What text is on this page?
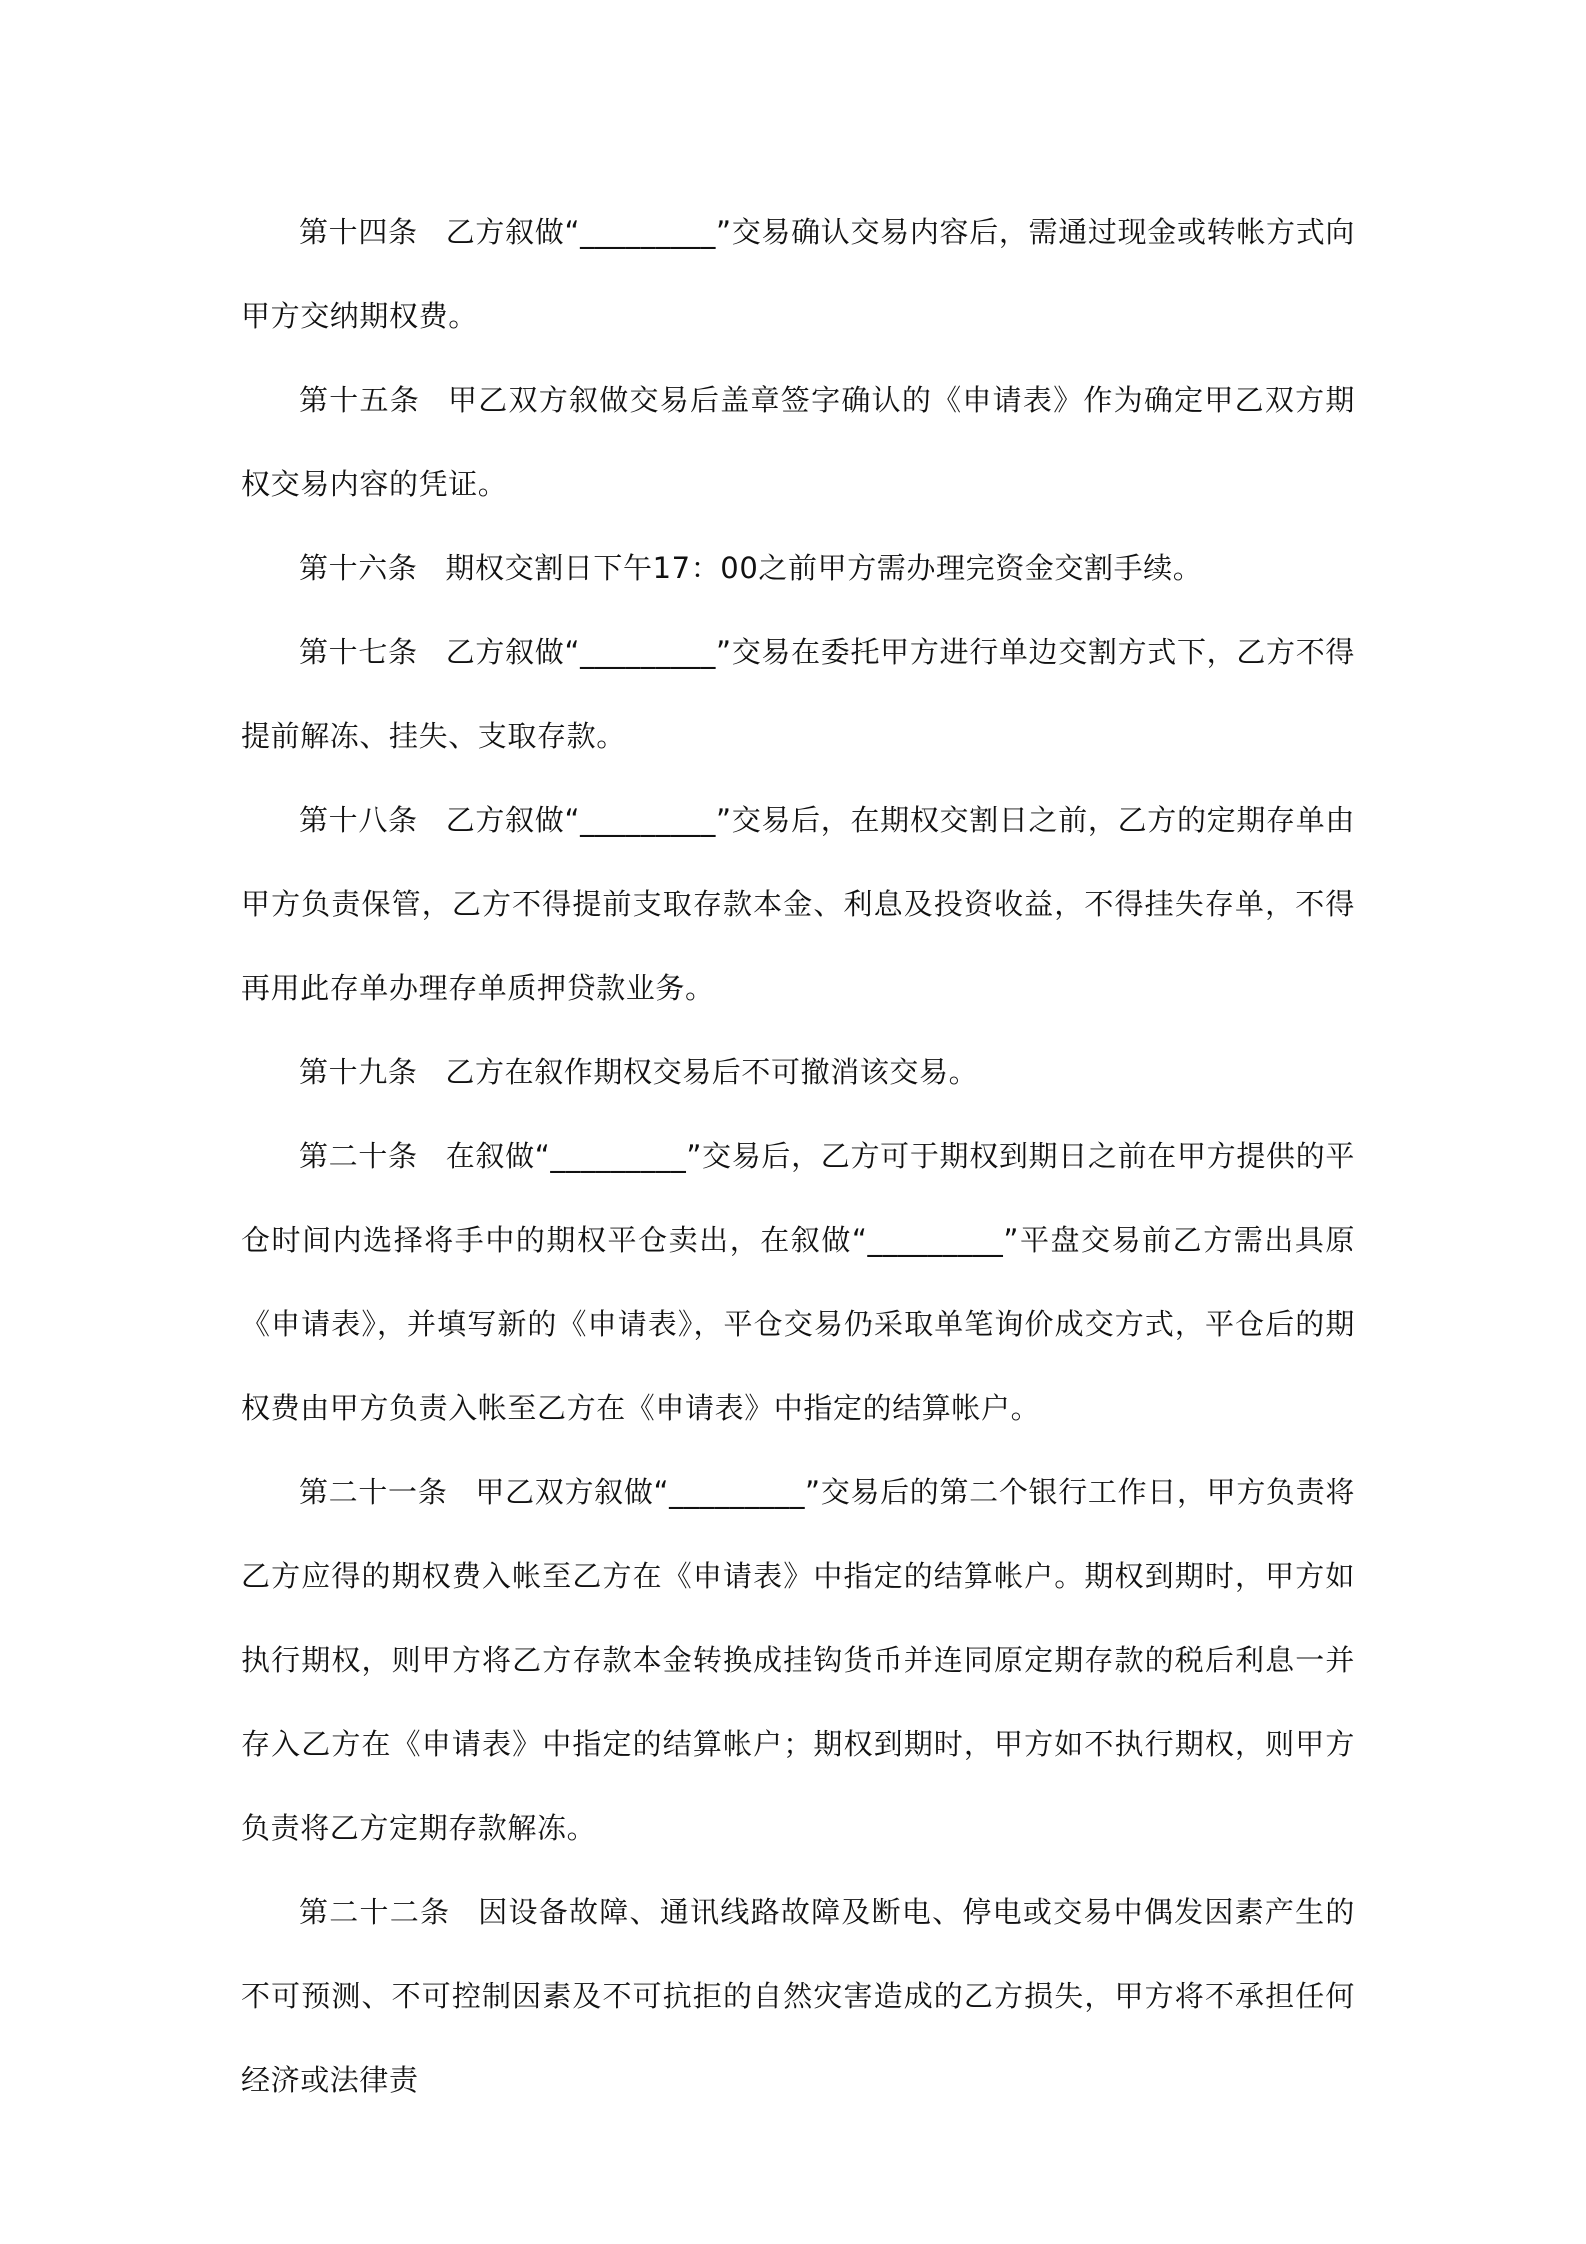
第十四条 乙方叙做“_________”交易确认交易内容后，需通过现金或转帐方式向甲方交纳期权费。

第十五条 甲乙双方叙做交易后盖章签字确认的《申请表》作为确定甲乙双方期权交易内容的凭证。

第十六条 期权交割日下午17：00之前甲方需办理完资金交割手续。

第十七条 乙方叙做“_________”交易在委托甲方进行单边交割方式下，乙方不得提前解冻、挂失、支取存款。

第十八条 乙方叙做“_________”交易后，在期权交割日之前，乙方的定期存单由甲方负责保管，乙方不得提前支取存款本金、利息及投资收益，不得挂失存单，不得再用此存单办理存单质押贷款业务。

第十九条 乙方在叙作期权交易后不可撤消该交易。

第二十条 在叙做“_________”交易后，乙方可于期权到期日之前在甲方提供的平仓时间内选择将手中的期权平仓卖出，在叙做“_________”平盘交易前乙方需出具原《申请表》，并填写新的《申请表》，平仓交易仍采取单笔询价成交方式，平仓后的期权费由甲方负责入帐至乙方在《申请表》中指定的结算帐户。

第二十一条 甲乙双方叙做“_________”交易后的第二个银行工作日，甲方负责将乙方应得的期权费入帐至乙方在《申请表》中指定的结算帐户。期权到期时，甲方如执行期权，则甲方将乙方存款本金转换成挂钩货币并连同原定期存款的税后利息一并存入乙方在《申请表》中指定的结算帐户；期权到期时，甲方如不执行期权，则甲方负责将乙方定期存款解冻。

第二十二条 因设备故障、通讯线路故障及断电、停电或交易中偶发因素产生的不可预测、不可控制因素及不可抗拒的自然灾害造成的乙方损失，甲方将不承担任何经济或法律责
